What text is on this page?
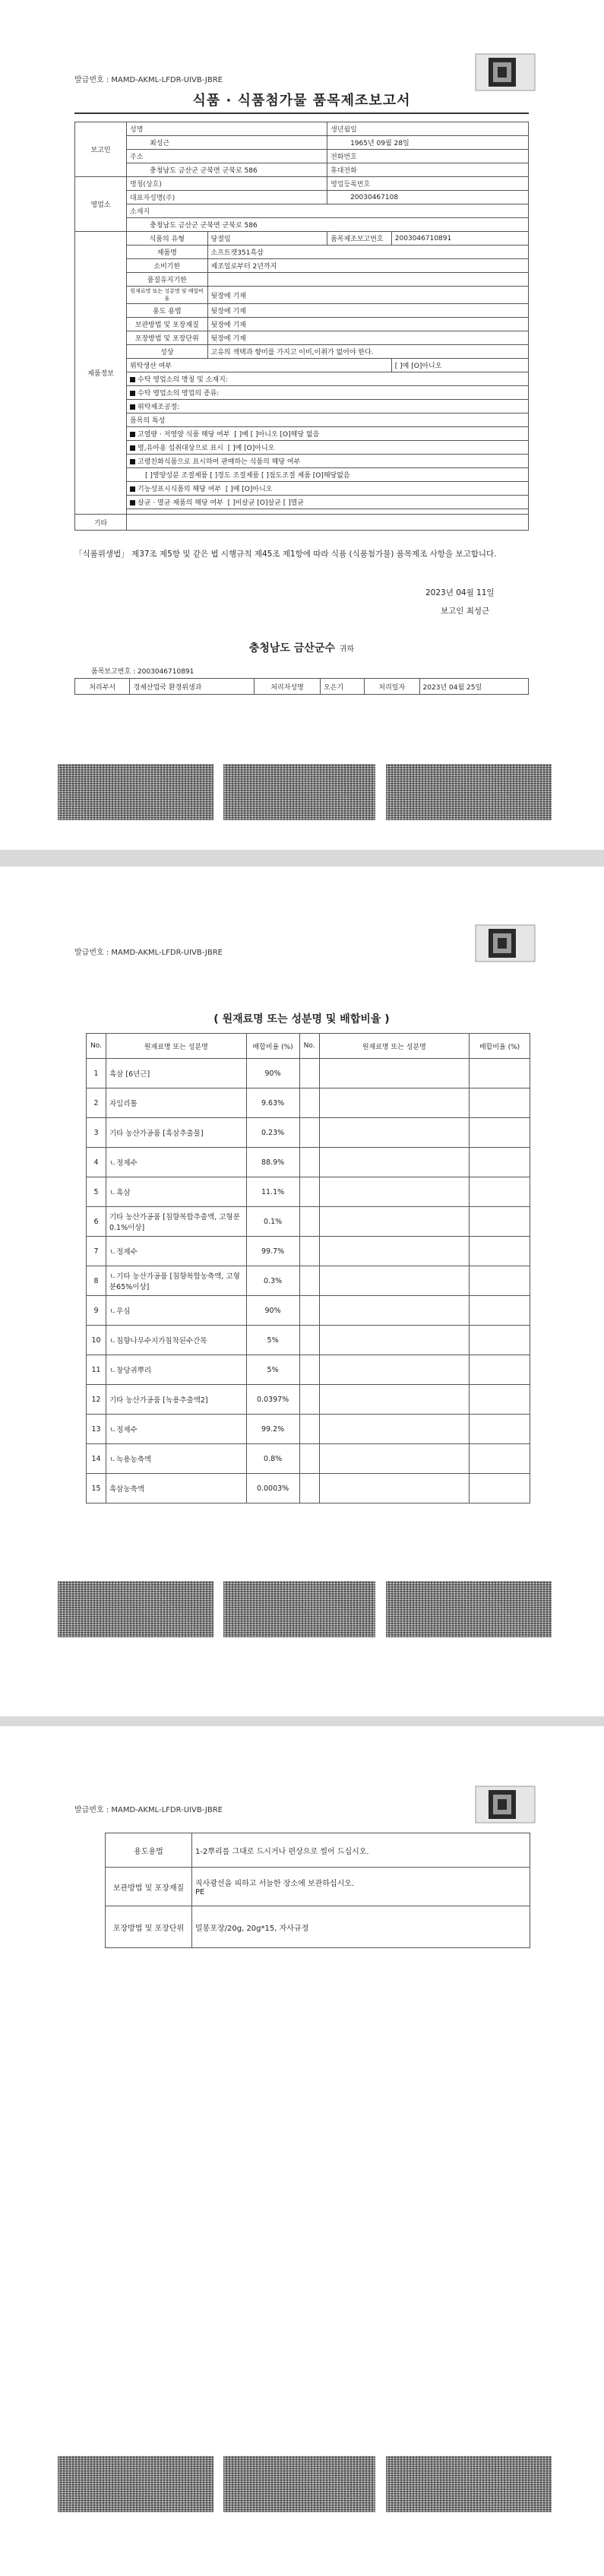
발급번호 : MAMD-AKML-LFDR-UIVB-JBRE
식품 · 식품첨가물 품목제조보고서
보고인	성명		생년월일	
	최성근		1965년 09월 28일	
	주소		전화번호	
	충청남도 금산군 군북면 군북로 586		휴대전화	
영업소	명칭(상호)		영업등록번호	
	대표자성명(주)		20030467108	
	소재지			
	충청남도 금산군 군북면 군북로 586			
제품정보	식품의 유형	당절임	품목제조보고번호	2003046710891
	제품명	소프트캣351흑삼		
	소비기한	제조일로부터 2년까지		
	품질유지기한			
	원재료명 또는 성분명 및 배합비율	뒷장에 기재		
	용도 용법	뒷장에 기재		
	보관방법 및 포장재질	뒷장에 기재		
	포장방법 및 포장단위	뒷장에 기재		
	성상	고유의 색택과 향미를 가지고 이미,이취가 없어야 한다.		
	위탁생산 여부			[ ]예 [O]아니오
	수탁 영업소의 명칭 및 소재지:			
	수탁 영업소의 영업의 종류:			
	위탁제조공정:			
	품목의 특성			
	고열량 · 저영양 식품 해당 여부 [ ]예 [ ]아니오 [O]해당 없음			
	영,유아용 섭취대상으로 표시 [ ]예 [O]아니오			
	고령친화식품으로 표시하여 판매하는 식품의 해당 여부			
	[ ]영양성분 조절제품 [ ]경도 조절제품 [ ]점도조절 제품 [O]해당없음			
	기능성표시식품의 해당 여부 [ ]예 [O]아니오			
	살균 · 멸균 제품의 해당 여부 [ ]비살균 [O]살균 [ ]멸균			

기타				
「식품위생법」 제37조 제5항 및 같은 법 시행규칙 제45조 제1항에 따라 식품 (식품첨가물) 품목제조 사항을 보고합니다.
2023년 04월 11일
보고인 최성근
충청남도 금산군수 귀하
품목보고번호 : 2003046710891
처리부서	경제산업국 환경위생과	처리자성명	오은기	처리일자	2023년 04월 25일
발급번호 : MAMD-AKML-LFDR-UIVB-JBRE
( 원재료명 또는 성분명 및 배합비율 )
No.	원재료명 또는 성분명	배합비율 (%)	No.	원재료명 또는 성분명	배합비율 (%)
1	흑삼 [6년근]	90%			
2	자일리톨	9.63%			
3	기타 농산가공품 [흑삼추출물]	0.23%			
4	ㄴ정제수	88.9%			
5	ㄴ흑삼	11.1%			
6	기타 농산가공품 [침향복합추출액, 고형분0.1%이상]	0.1%			
7	ㄴ정제수	99.7%			
8	ㄴ기타 농산가공품 [침향복합농축액, 고형분65%이상]	0.3%			
9	ㄴ우심	90%			
10	ㄴ침향나무수지가침착된수간목	5%			
11	ㄴ창당귀뿌리	5%			
12	기타 농산가공품 [녹용추출액2]	0.0397%			
13	ㄴ정제수	99.2%			
14	ㄴ녹용농축액	0.8%			
15	흑삼농축액	0.0003%			
발급번호 : MAMD-AKML-LFDR-UIVB-JBRE
용도용법	1-2뿌리를 그대로 드시거나 편상으로 썰어 드십시오.
보관방법 및 포장재질	직사광선을 피하고 서늘한 장소에 보관하십시오.
PE

포장방법 및 포장단위	밀봉포장/20g, 20g*15, 자사규정
